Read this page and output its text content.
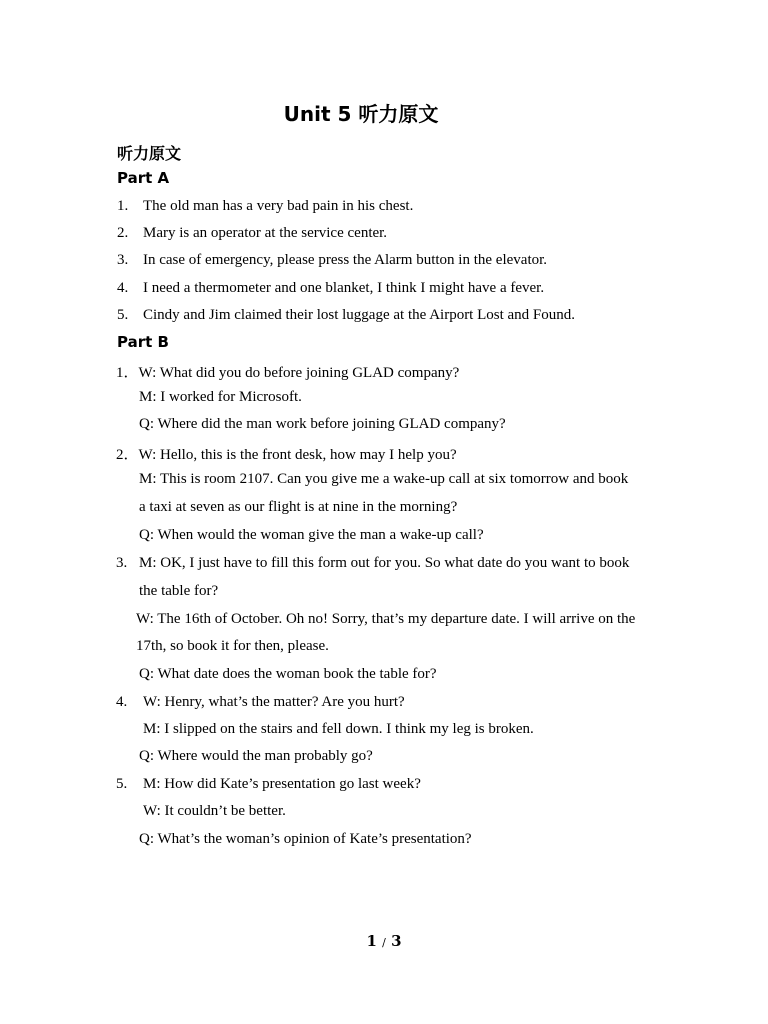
Unit 5 听力原文
听力原文
Part A
1. The old man has a very bad pain in his chest.
2. Mary is an operator at the service center.
3. In case of emergency, please press the Alarm button in the elevator.
4. I need a thermometer and one blanket, I think I might have a fever.
5. Cindy and Jim claimed their lost luggage at the Airport Lost and Found.
Part B
1．W: What did you do before joining GLAD company?
M: I worked for Microsoft.
Q: Where did the man work before joining GLAD company?
2．W: Hello, this is the front desk, how may I help you?
M: This is room 2107. Can you give me a wake-up call at six tomorrow and book
a taxi at seven as our flight is at nine in the morning?
Q: When would the woman give the man a wake-up call?
3. M: OK, I just have to fill this form out for you. So what date do you want to book
the table for?
W: The 16th of October. Oh no! Sorry, that’s my departure date. I will arrive on the
17th, so book it for then, please.
Q: What date does the woman book the table for?
4. W: Henry, what’s the matter? Are you hurt?
M: I slipped on the stairs and fell down. I think my leg is broken.
Q: Where would the man probably go?
5. M: How did Kate’s presentation go last week?
W: It couldn’t be better.
Q: What’s the woman’s opinion of Kate’s presentation?
1 / 3
